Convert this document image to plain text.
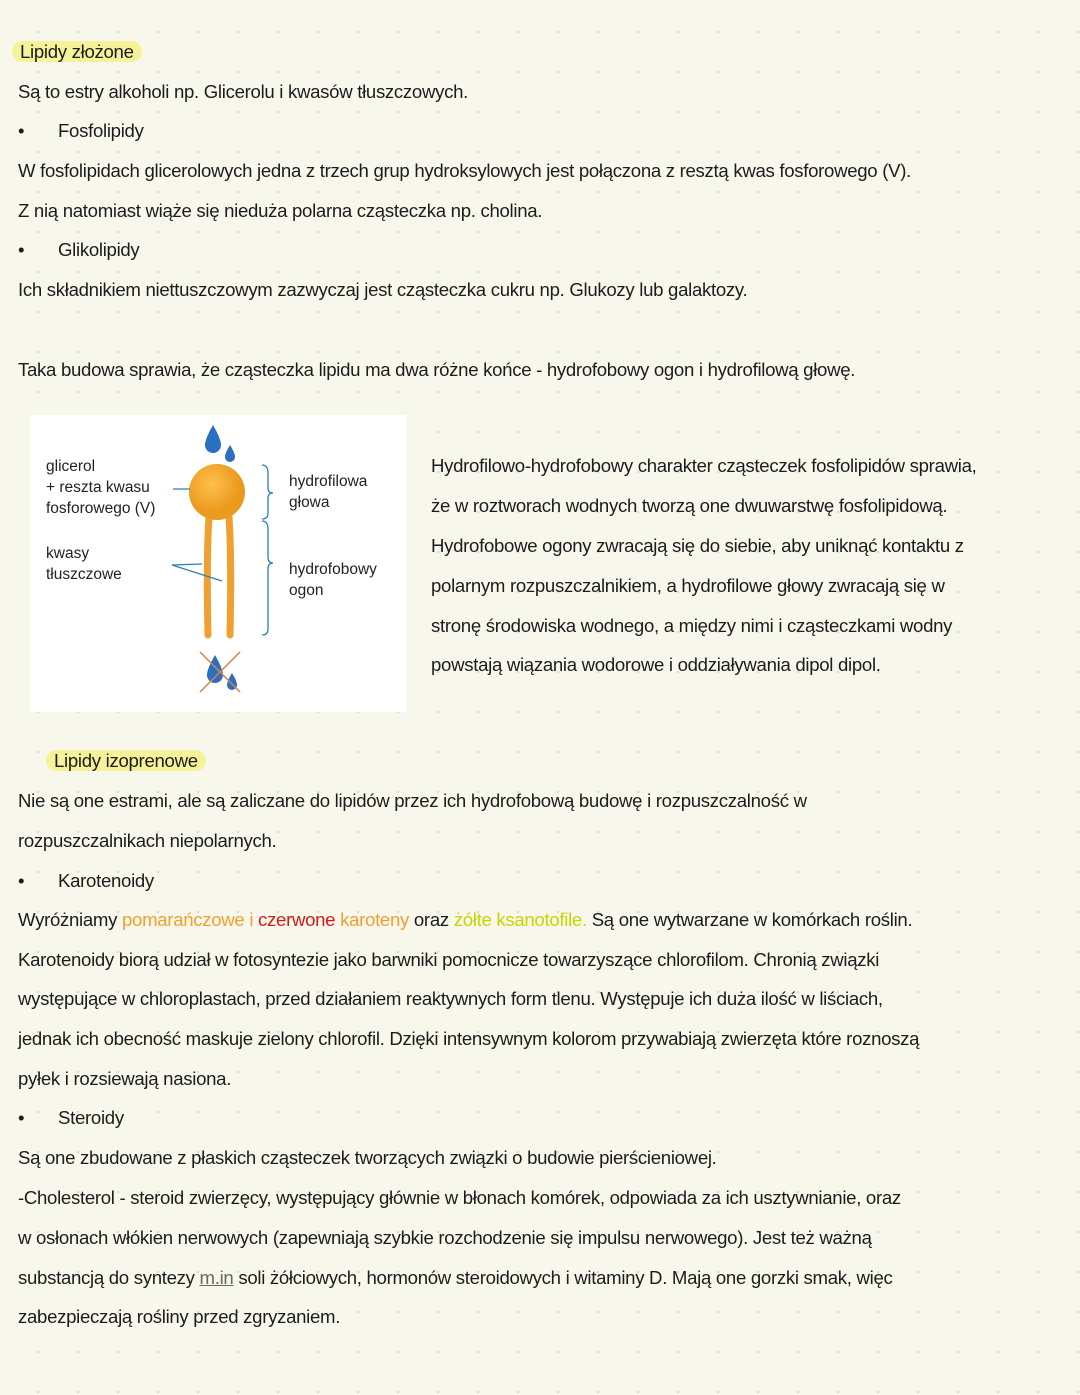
Lipidy złożone
Są to estry alkoholi np. Glicerolu i kwasów tłuszczowych.
• Fosfolipidy
W fosfolipidach glicerolowych jedna z trzech grup hydroksylowych jest połączona z resztą kwas fosforowego (V).
Z nią natomiast wiąże się nieduża polarna cząsteczka np. cholina.
• Glikolipidy
Ich składnikiem niettuszczowym zazwyczaj jest cząsteczka cukru np. Glukozy lub galaktozy.
Taka budowa sprawia, że cząsteczka lipidu ma dwa różne końce - hydrofobowy ogon i hydrofilową głowę.
glicerol
+ reszta kwasu
fosforowego (V)
kwasy
tłuszczowe
hydrofilowa
głowa
hydrofobowy
ogon
Hydrofilowo-hydrofobowy charakter cząsteczek fosfolipidów sprawia,
że w roztworach wodnych tworzą one dwuwarstwę fosfolipidową.
Hydrofobowe ogony zwracają się do siebie, aby uniknąć kontaktu z
polarnym rozpuszczalnikiem, a hydrofilowe głowy zwracają się w
stronę środowiska wodnego, a między nimi i cząsteczkami wodny
powstają wiązania wodorowe i oddziaływania dipol dipol.
Lipidy izoprenowe
Nie są one estrami, ale są zaliczane do lipidów przez ich hydrofobową budowę i rozpuszczalność w
rozpuszczalnikach niepolarnych.
• Karotenoidy
Wyróżniamy pomarańczowe i czerwone karoteny oraz żółte ksanotofile. Są one wytwarzane w komórkach roślin.
Karotenoidy biorą udział w fotosyntezie jako barwniki pomocnicze towarzyszące chlorofilom. Chronią związki
występujące w chloroplastach, przed działaniem reaktywnych form tlenu. Występuje ich duża ilość w liściach,
jednak ich obecność maskuje zielony chlorofil. Dzięki intensywnym kolorom przywabiają zwierzęta które roznoszą
pyłek i rozsiewają nasiona.
• Steroidy
Są one zbudowane z płaskich cząsteczek tworzących związki o budowie pierścieniowej.
-Cholesterol - steroid zwierzęcy, występujący głównie w błonach komórek, odpowiada za ich usztywnianie, oraz
w osłonach włókien nerwowych (zapewniają szybkie rozchodzenie się impulsu nerwowego). Jest też ważną
substancją do syntezy m.in soli żółciowych, hormonów steroidowych i witaminy D. Mają one gorzki smak, więc
zabezpieczają rośliny przed zgryzaniem.
